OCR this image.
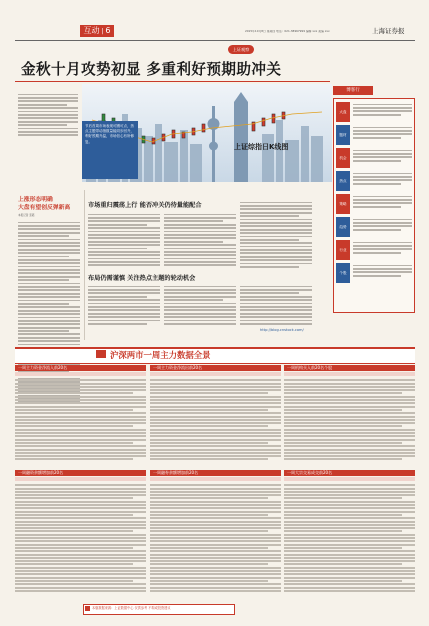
互动 | 6	2015年10月8日 星期四 电话：021-38967999 编辑 xxx 美编 xxx	上海证券报
上证观察
金秋十月攻势初显 多重利好预期助冲关
上证综指日K线图
节后首周市场表现可圈可点，热点主题带动指数量能同步回升，利好预期升温，市场信心有所修复。
上涨形态明确
大盘有望创反弹新高
本报记者 张韬
市场重归震荡上行 能否冲关仍待量能配合
布局仍需谨慎 关注热点主题的轮动机会
博客行
大盘
题材
机会
热点
策略
趋势
行业
个股
http://blog.cnstock.com/
沪深两市一周主力数据全景
一周主力资金净流入前20名	一周主力资金净流出前20名	一周机构买入前20名个股
一周融资余额增加前20名	一周融券余额增加前20名	一周大宗交易成交前20名
本版数据来源：上证数据中心 仅供参考 不构成投资建议
